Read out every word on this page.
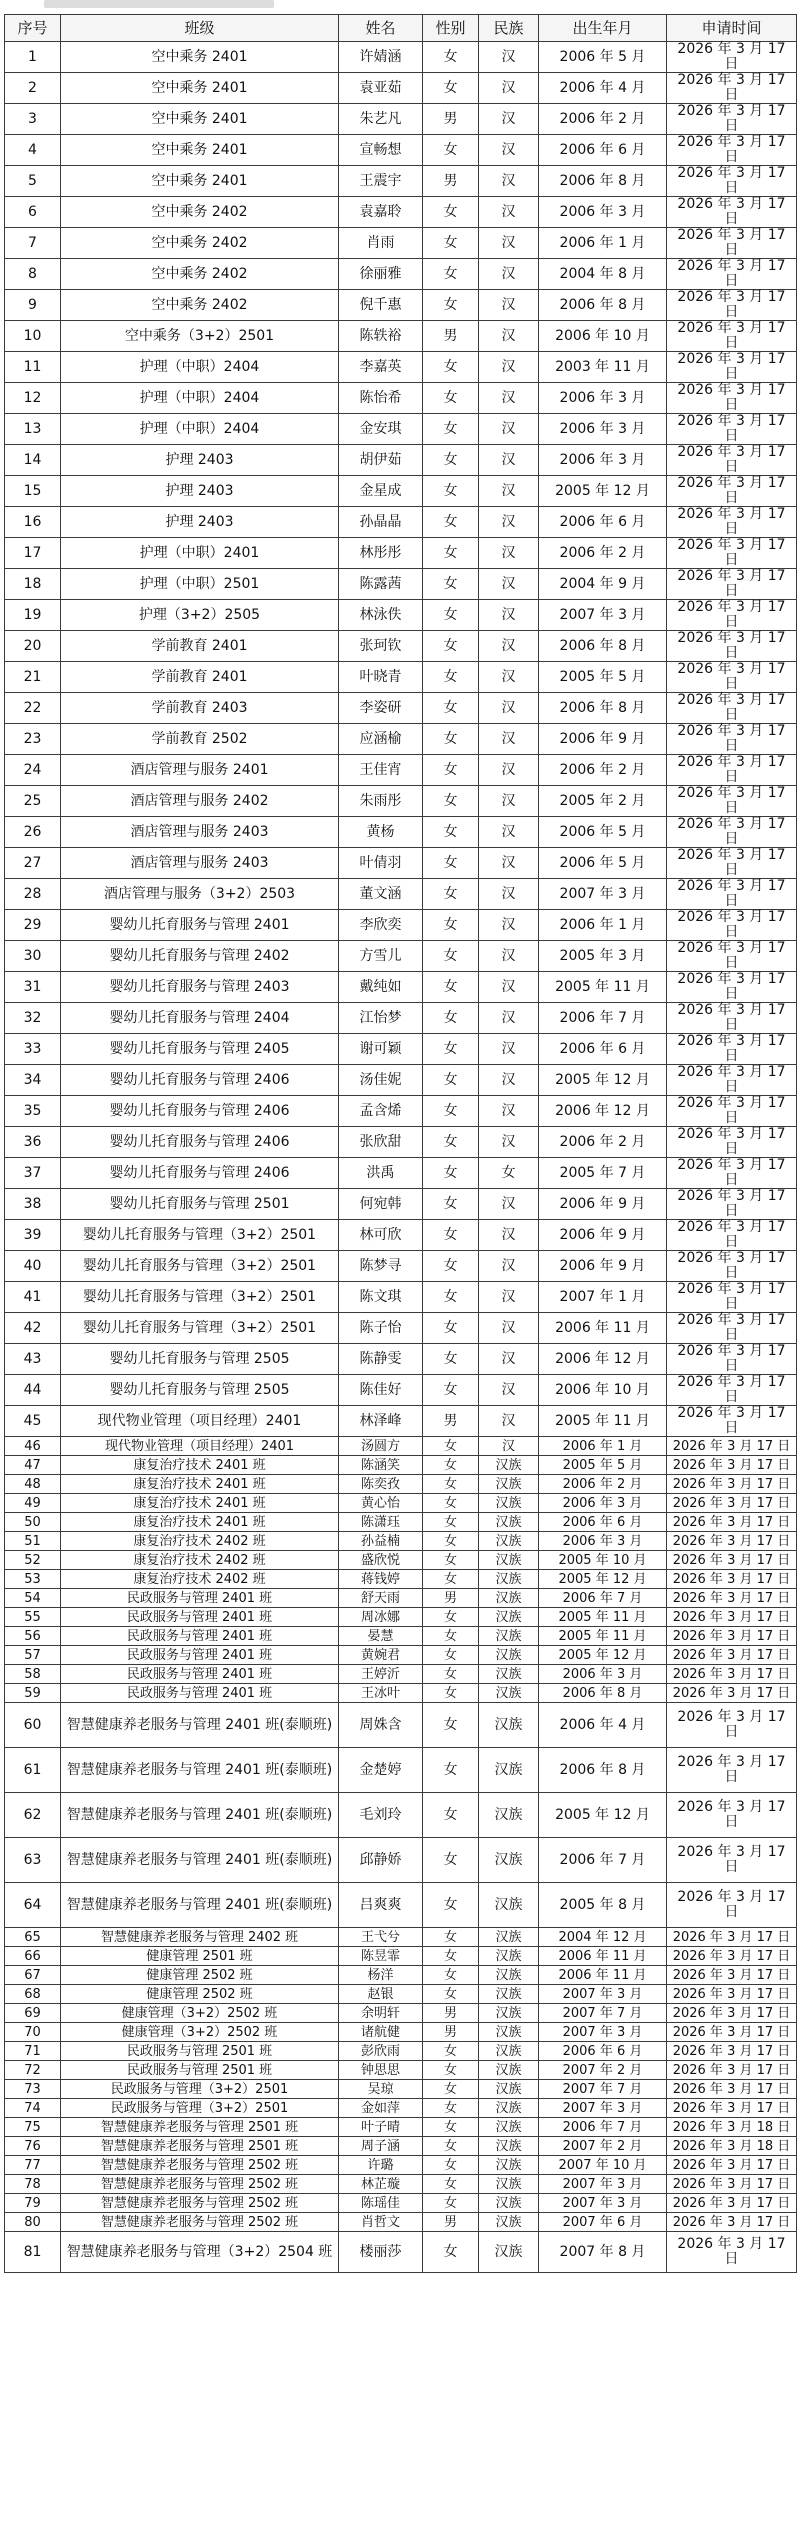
序号	班级	姓名	性别	民族	出生年月	申请时间
1	空中乘务 2401	许婧涵	女	汉	2006 年 5 月	2026 年 3 月 17 日
2	空中乘务 2401	袁亚茹	女	汉	2006 年 4 月	2026 年 3 月 17 日
3	空中乘务 2401	朱艺凡	男	汉	2006 年 2 月	2026 年 3 月 17 日
4	空中乘务 2401	宣畅想	女	汉	2006 年 6 月	2026 年 3 月 17 日
5	空中乘务 2401	王震宇	男	汉	2006 年 8 月	2026 年 3 月 17 日
6	空中乘务 2402	袁嘉聆	女	汉	2006 年 3 月	2026 年 3 月 17 日
7	空中乘务 2402	肖雨	女	汉	2006 年 1 月	2026 年 3 月 17 日
8	空中乘务 2402	徐丽雅	女	汉	2004 年 8 月	2026 年 3 月 17 日
9	空中乘务 2402	倪千惠	女	汉	2006 年 8 月	2026 年 3 月 17 日
10	空中乘务（3+2）2501	陈轶裕	男	汉	2006 年 10 月	2026 年 3 月 17 日
11	护理（中职）2404	李嘉英	女	汉	2003 年 11 月	2026 年 3 月 17 日
12	护理（中职）2404	陈怡希	女	汉	2006 年 3 月	2026 年 3 月 17 日
13	护理（中职）2404	金安琪	女	汉	2006 年 3 月	2026 年 3 月 17 日
14	护理 2403	胡伊茹	女	汉	2006 年 3 月	2026 年 3 月 17 日
15	护理 2403	金星成	女	汉	2005 年 12 月	2026 年 3 月 17 日
16	护理 2403	孙晶晶	女	汉	2006 年 6 月	2026 年 3 月 17 日
17	护理（中职）2401	林彤彤	女	汉	2006 年 2 月	2026 年 3 月 17 日
18	护理（中职）2501	陈露茜	女	汉	2004 年 9 月	2026 年 3 月 17 日
19	护理（3+2）2505	林泳佚	女	汉	2007 年 3 月	2026 年 3 月 17 日
20	学前教育 2401	张珂钦	女	汉	2006 年 8 月	2026 年 3 月 17 日
21	学前教育 2401	叶晓青	女	汉	2005 年 5 月	2026 年 3 月 17 日
22	学前教育 2403	李姿研	女	汉	2006 年 8 月	2026 年 3 月 17 日
23	学前教育 2502	应涵榆	女	汉	2006 年 9 月	2026 年 3 月 17 日
24	酒店管理与服务 2401	王佳宵	女	汉	2006 年 2 月	2026 年 3 月 17 日
25	酒店管理与服务 2402	朱雨彤	女	汉	2005 年 2 月	2026 年 3 月 17 日
26	酒店管理与服务 2403	黄杨	女	汉	2006 年 5 月	2026 年 3 月 17 日
27	酒店管理与服务 2403	叶倩羽	女	汉	2006 年 5 月	2026 年 3 月 17 日
28	酒店管理与服务（3+2）2503	董文涵	女	汉	2007 年 3 月	2026 年 3 月 17 日
29	婴幼儿托育服务与管理 2401	李欣奕	女	汉	2006 年 1 月	2026 年 3 月 17 日
30	婴幼儿托育服务与管理 2402	方雪儿	女	汉	2005 年 3 月	2026 年 3 月 17 日
31	婴幼儿托育服务与管理 2403	戴纯如	女	汉	2005 年 11 月	2026 年 3 月 17 日
32	婴幼儿托育服务与管理 2404	江怡梦	女	汉	2006 年 7 月	2026 年 3 月 17 日
33	婴幼儿托育服务与管理 2405	谢可颖	女	汉	2006 年 6 月	2026 年 3 月 17 日
34	婴幼儿托育服务与管理 2406	汤佳妮	女	汉	2005 年 12 月	2026 年 3 月 17 日
35	婴幼儿托育服务与管理 2406	孟含烯	女	汉	2006 年 12 月	2026 年 3 月 17 日
36	婴幼儿托育服务与管理 2406	张欣甜	女	汉	2006 年 2 月	2026 年 3 月 17 日
37	婴幼儿托育服务与管理 2406	洪禹	女	女	2005 年 7 月	2026 年 3 月 17 日
38	婴幼儿托育服务与管理 2501	何宛韩	女	汉	2006 年 9 月	2026 年 3 月 17 日
39	婴幼儿托育服务与管理（3+2）2501	林可欣	女	汉	2006 年 9 月	2026 年 3 月 17 日
40	婴幼儿托育服务与管理（3+2）2501	陈梦寻	女	汉	2006 年 9 月	2026 年 3 月 17 日
41	婴幼儿托育服务与管理（3+2）2501	陈文琪	女	汉	2007 年 1 月	2026 年 3 月 17 日
42	婴幼儿托育服务与管理（3+2）2501	陈子怡	女	汉	2006 年 11 月	2026 年 3 月 17 日
43	婴幼儿托育服务与管理 2505	陈静雯	女	汉	2006 年 12 月	2026 年 3 月 17 日
44	婴幼儿托育服务与管理 2505	陈佳好	女	汉	2006 年 10 月	2026 年 3 月 17 日
45	现代物业管理（项目经理）2401	林泽峰	男	汉	2005 年 11 月	2026 年 3 月 17 日
46	现代物业管理（项目经理）2401	汤圆方	女	汉	2006 年 1 月	2026 年 3 月 17 日
47	康复治疗技术 2401 班	陈涵笑	女	汉族	2005 年 5 月	2026 年 3 月 17 日
48	康复治疗技术 2401 班	陈奕孜	女	汉族	2006 年 2 月	2026 年 3 月 17 日
49	康复治疗技术 2401 班	黄心怡	女	汉族	2006 年 3 月	2026 年 3 月 17 日
50	康复治疗技术 2401 班	陈潇珏	女	汉族	2006 年 6 月	2026 年 3 月 17 日
51	康复治疗技术 2402 班	孙益楠	女	汉族	2006 年 3 月	2026 年 3 月 17 日
52	康复治疗技术 2402 班	盛欣悦	女	汉族	2005 年 10 月	2026 年 3 月 17 日
53	康复治疗技术 2402 班	蒋钱婷	女	汉族	2005 年 12 月	2026 年 3 月 17 日
54	民政服务与管理 2401 班	舒天雨	男	汉族	2006 年 7 月	2026 年 3 月 17 日
55	民政服务与管理 2401 班	周冰娜	女	汉族	2005 年 11 月	2026 年 3 月 17 日
56	民政服务与管理 2401 班	晏慧	女	汉族	2005 年 11 月	2026 年 3 月 17 日
57	民政服务与管理 2401 班	黄婉君	女	汉族	2005 年 12 月	2026 年 3 月 17 日
58	民政服务与管理 2401 班	王婷沂	女	汉族	2006 年 3 月	2026 年 3 月 17 日
59	民政服务与管理 2401 班	王冰叶	女	汉族	2006 年 8 月	2026 年 3 月 17 日
60	智慧健康养老服务与管理 2401 班(泰顺班)	周姝含	女	汉族	2006 年 4 月	2026 年 3 月 17 日
61	智慧健康养老服务与管理 2401 班(泰顺班)	金楚婷	女	汉族	2006 年 8 月	2026 年 3 月 17 日
62	智慧健康养老服务与管理 2401 班(泰顺班)	毛刘玲	女	汉族	2005 年 12 月	2026 年 3 月 17 日
63	智慧健康养老服务与管理 2401 班(泰顺班)	邱静娇	女	汉族	2006 年 7 月	2026 年 3 月 17 日
64	智慧健康养老服务与管理 2401 班(泰顺班)	吕爽爽	女	汉族	2005 年 8 月	2026 年 3 月 17 日
65	智慧健康养老服务与管理 2402 班	王弋兮	女	汉族	2004 年 12 月	2026 年 3 月 17 日
66	健康管理 2501 班	陈昱霏	女	汉族	2006 年 11 月	2026 年 3 月 17 日
67	健康管理 2502 班	杨洋	女	汉族	2006 年 11 月	2026 年 3 月 17 日
68	健康管理 2502 班	赵银	女	汉族	2007 年 3 月	2026 年 3 月 17 日
69	健康管理（3+2）2502 班	余明轩	男	汉族	2007 年 7 月	2026 年 3 月 17 日
70	健康管理（3+2）2502 班	诸航健	男	汉族	2007 年 3 月	2026 年 3 月 17 日
71	民政服务与管理 2501 班	彭欣雨	女	汉族	2006 年 6 月	2026 年 3 月 17 日
72	民政服务与管理 2501 班	钟思思	女	汉族	2007 年 2 月	2026 年 3 月 17 日
73	民政服务与管理（3+2）2501	吴琼	女	汉族	2007 年 7 月	2026 年 3 月 17 日
74	民政服务与管理（3+2）2501	金如萍	女	汉族	2007 年 3 月	2026 年 3 月 17 日
75	智慧健康养老服务与管理 2501 班	叶子晴	女	汉族	2006 年 7 月	2026 年 3 月 18 日
76	智慧健康养老服务与管理 2501 班	周子涵	女	汉族	2007 年 2 月	2026 年 3 月 18 日
77	智慧健康养老服务与管理 2502 班	许璐	女	汉族	2007 年 10 月	2026 年 3 月 17 日
78	智慧健康养老服务与管理 2502 班	林芷璇	女	汉族	2007 年 3 月	2026 年 3 月 17 日
79	智慧健康养老服务与管理 2502 班	陈瑶佳	女	汉族	2007 年 3 月	2026 年 3 月 17 日
80	智慧健康养老服务与管理 2502 班	肖哲文	男	汉族	2007 年 6 月	2026 年 3 月 17 日
81	智慧健康养老服务与管理（3+2）2504 班	楼丽莎	女	汉族	2007 年 8 月	2026 年 3 月 17 日
